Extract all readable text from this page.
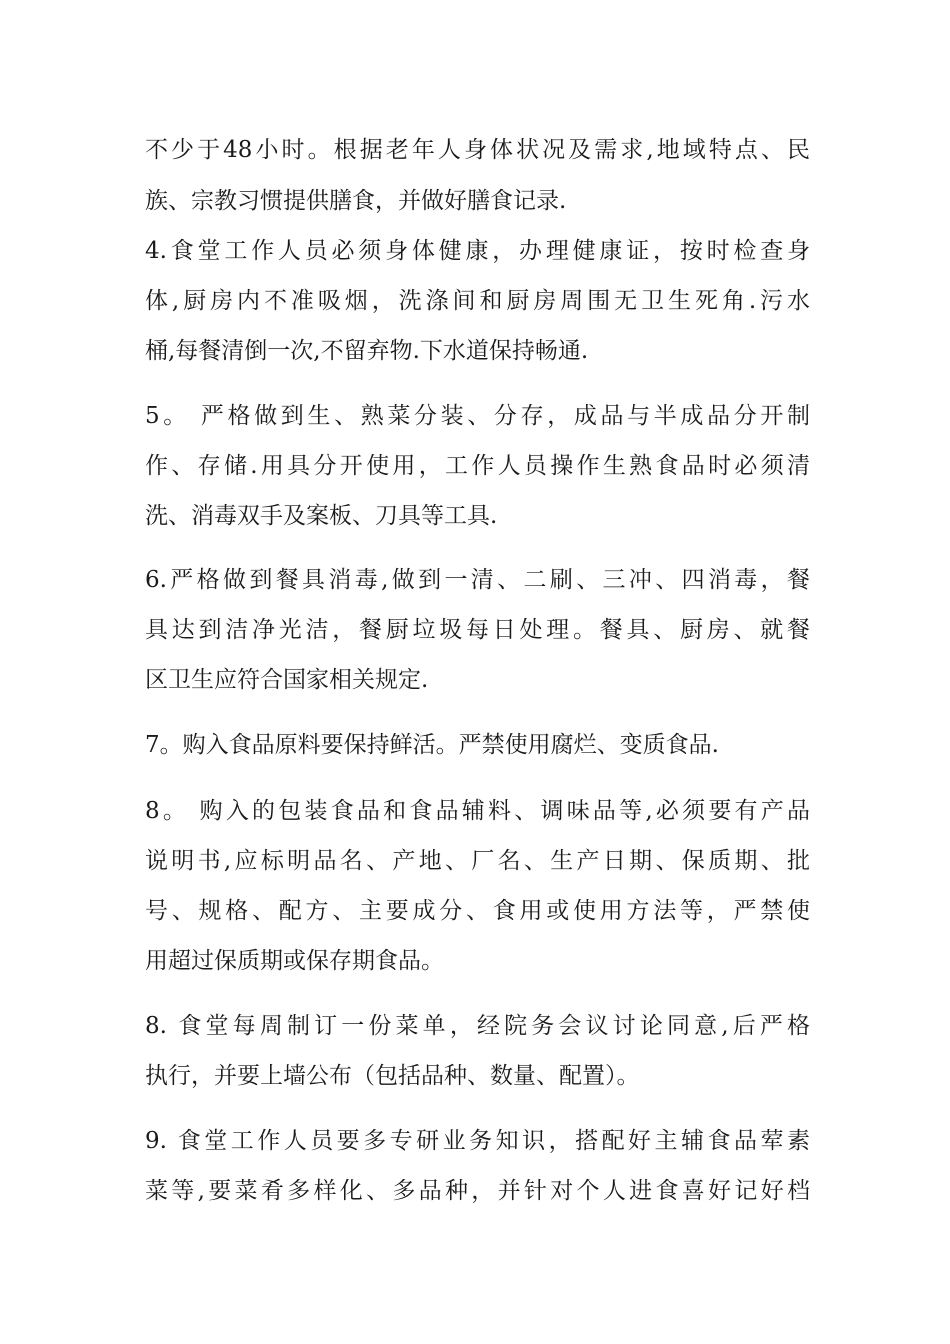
不少于48小时。根据老年人身体状况及需求,地域特点、民
族、宗教习惯提供膳食，并做好膳食记录.
4.食堂工作人员必须身体健康，办理健康证，按时检查身
体,厨房内不准吸烟，洗涤间和厨房周围无卫生死角.污水
桶,每餐清倒一次,不留弃物.下水道保持畅通.
5。 严格做到生、熟菜分装、分存，成品与半成品分开制
作、存储.用具分开使用，工作人员操作生熟食品时必须清
洗、消毒双手及案板、刀具等工具.
6.严格做到餐具消毒,做到一清、二刷、三冲、四消毒，餐
具达到洁净光洁，餐厨垃圾每日处理。餐具、厨房、就餐
区卫生应符合国家相关规定.
7。购入食品原料要保持鲜活。严禁使用腐烂、变质食品.
8。 购入的包装食品和食品辅料、调味品等,必须要有产品
说明书,应标明品名、产地、厂名、生产日期、保质期、批
号、规格、配方、主要成分、食用或使用方法等，严禁使
用超过保质期或保存期食品。
8. 食堂每周制订一份菜单，经院务会议讨论同意,后严格
执行，并要上墙公布（包括品种、数量、配置）。
9. 食堂工作人员要多专研业务知识，搭配好主辅食品荤素
菜等,要菜肴多样化、多品种，并针对个人进食喜好记好档
